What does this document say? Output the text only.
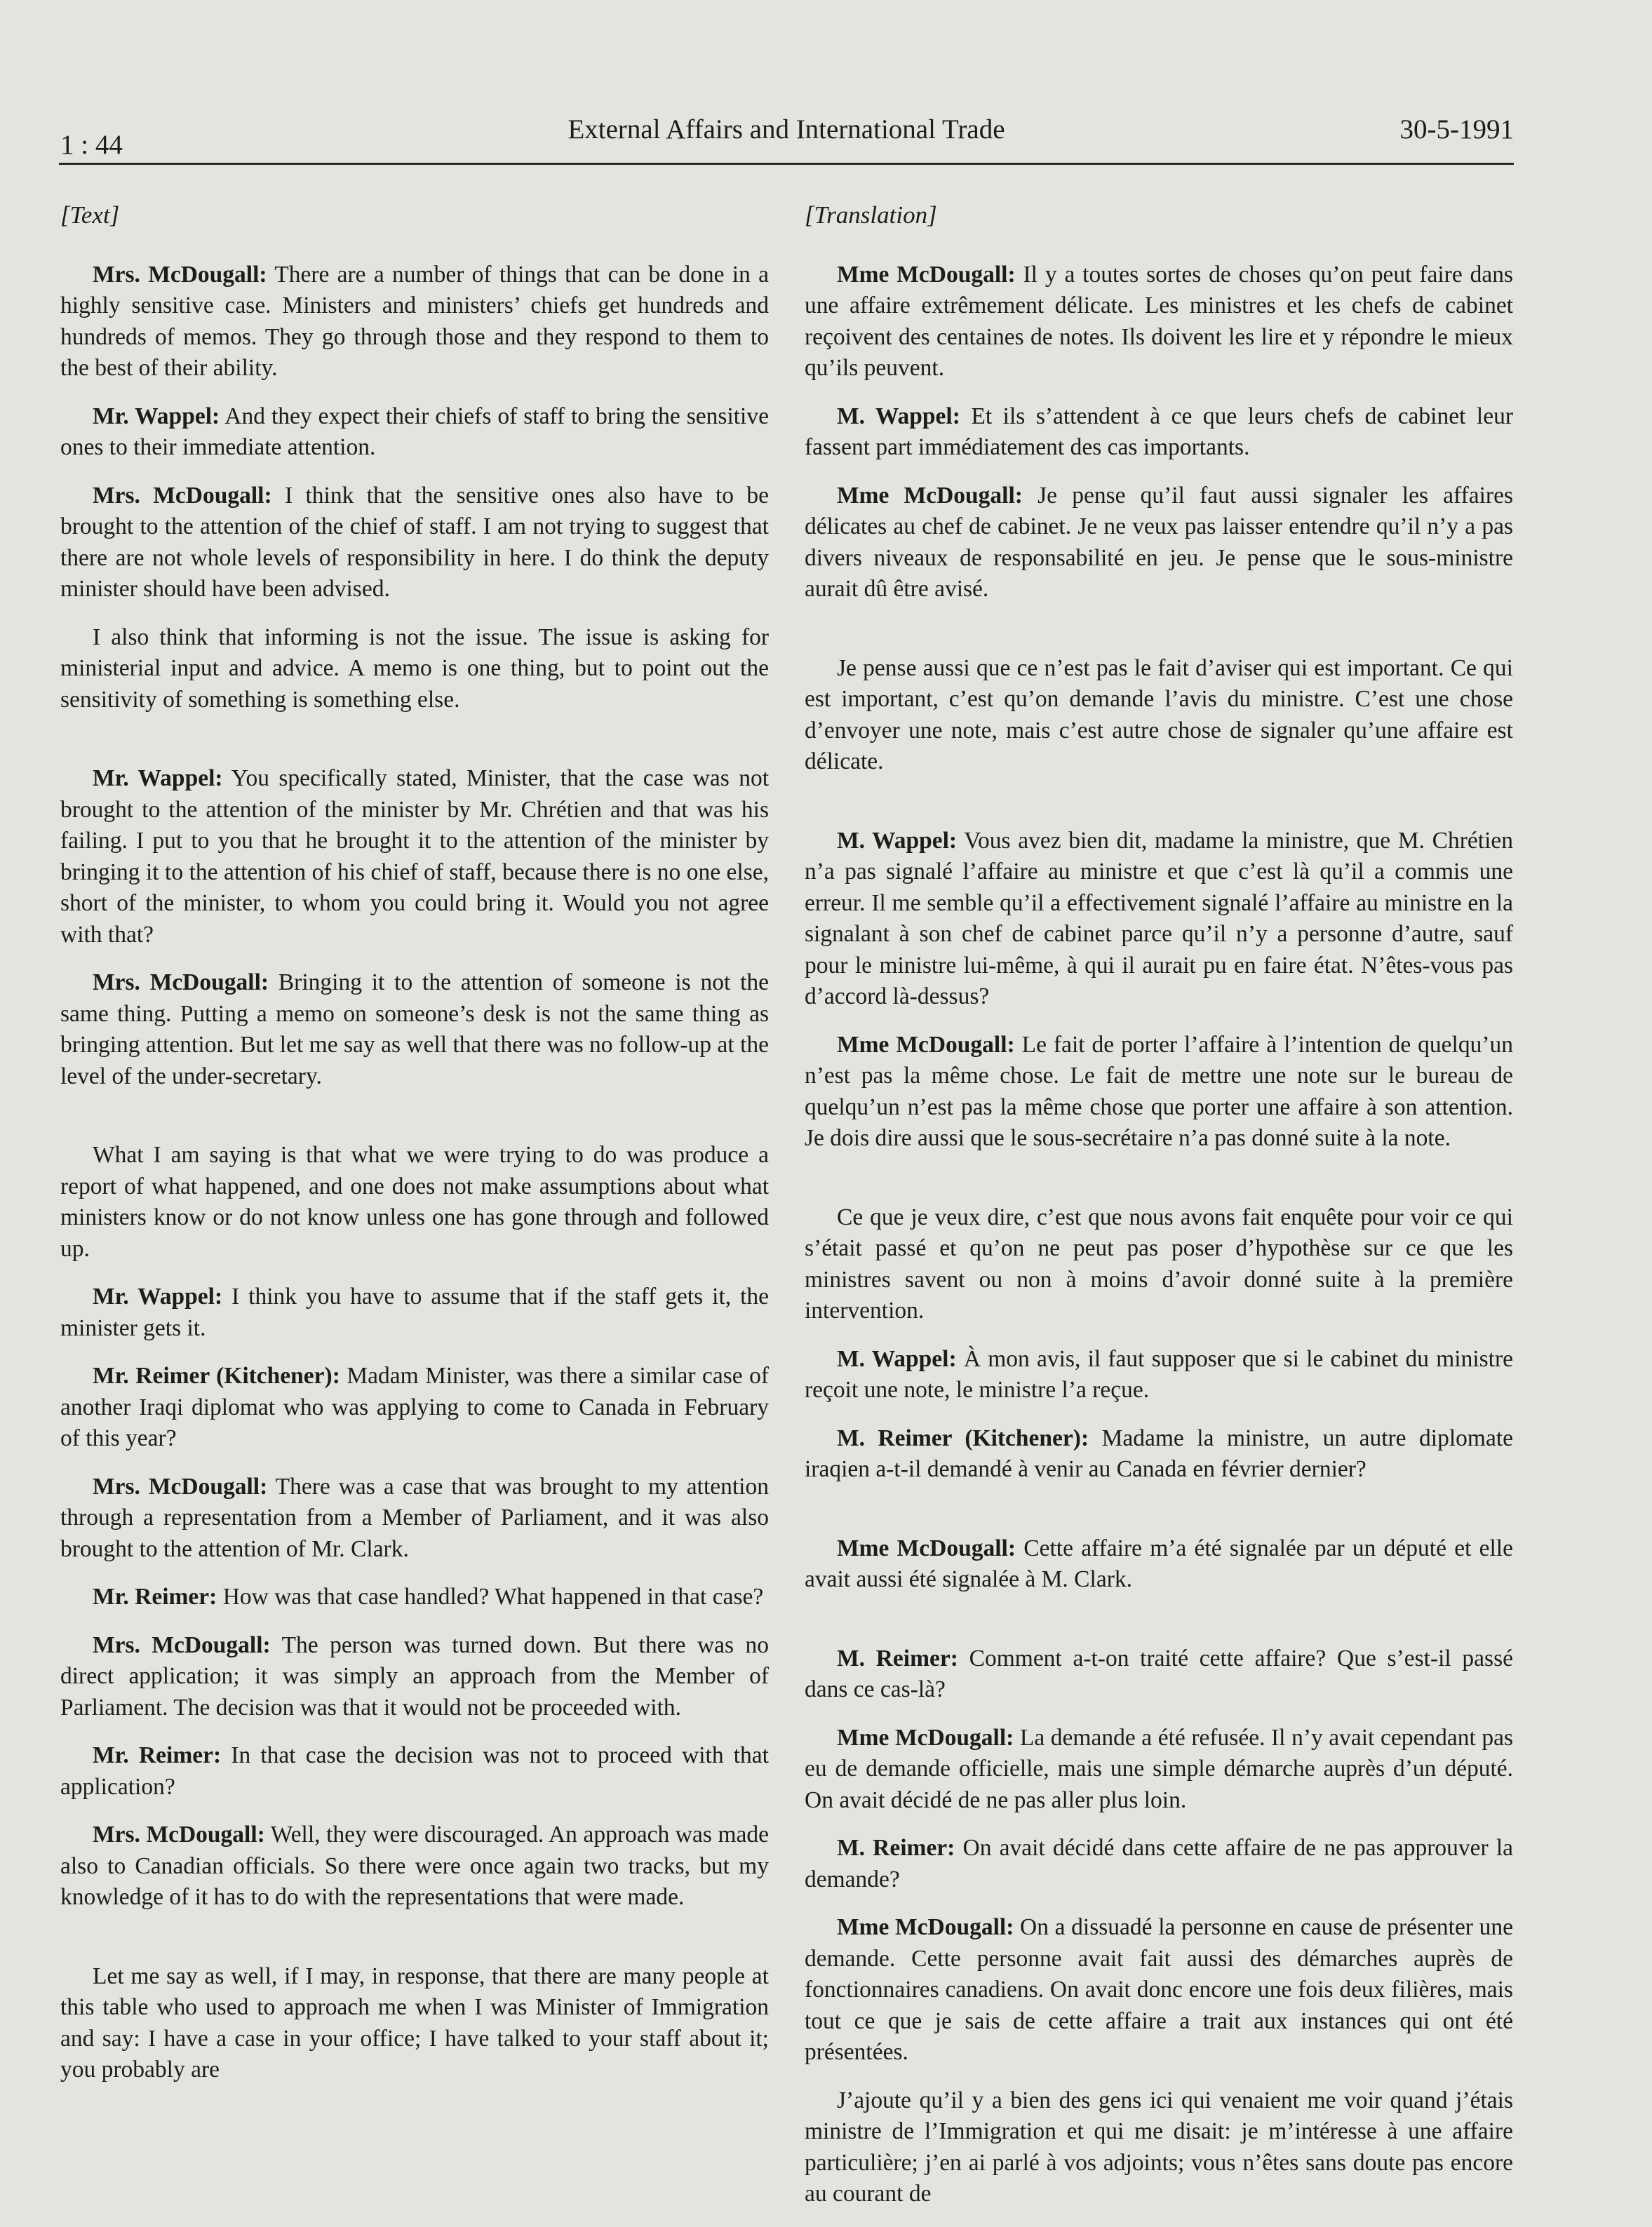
1 : 44
External Affairs and International Trade	30-5-1991
[Text]

Mrs. McDougall: There are a number of things that can be done in a highly sensitive case. Ministers and ministers’ chiefs get hundreds and hundreds of memos. They go through those and they respond to them to the best of their ability.

Mr. Wappel: And they expect their chiefs of staff to bring the sensitive ones to their immediate attention.

Mrs. McDougall: I think that the sensitive ones also have to be brought to the attention of the chief of staff. I am not trying to suggest that there are not whole levels of responsibility in here. I do think the deputy minister should have been advised.

I also think that informing is not the issue. The issue is asking for ministerial input and advice. A memo is one thing, but to point out the sensitivity of something is something else.

Mr. Wappel: You specifically stated, Minister, that the case was not brought to the attention of the minister by Mr. Chrétien and that was his failing. I put to you that he brought it to the attention of the minister by bringing it to the attention of his chief of staff, because there is no one else, short of the minister, to whom you could bring it. Would you not agree with that?

Mrs. McDougall: Bringing it to the attention of someone is not the same thing. Putting a memo on someone’s desk is not the same thing as bringing attention. But let me say as well that there was no follow-up at the level of the under-secretary.

What I am saying is that what we were trying to do was produce a report of what happened, and one does not make assumptions about what ministers know or do not know unless one has gone through and followed up.

Mr. Wappel: I think you have to assume that if the staff gets it, the minister gets it.

Mr. Reimer (Kitchener): Madam Minister, was there a similar case of another Iraqi diplomat who was applying to come to Canada in February of this year?

Mrs. McDougall: There was a case that was brought to my attention through a representation from a Member of Parliament, and it was also brought to the attention of Mr. Clark.

Mr. Reimer: How was that case handled? What happened in that case?

Mrs. McDougall: The person was turned down. But there was no direct application; it was simply an approach from the Member of Parliament. The decision was that it would not be proceeded with.

Mr. Reimer: In that case the decision was not to proceed with that application?

Mrs. McDougall: Well, they were discouraged. An approach was made also to Canadian officials. So there were once again two tracks, but my knowledge of it has to do with the representations that were made.

Let me say as well, if I may, in response, that there are many people at this table who used to approach me when I was Minister of Immigration and say: I have a case in your office; I have talked to your staff about it; you probably are

[Translation]

Mme McDougall: Il y a toutes sortes de choses qu’on peut faire dans une affaire extrêmement délicate. Les ministres et les chefs de cabinet reçoivent des centaines de notes. Ils doivent les lire et y répondre le mieux qu’ils peuvent.

M. Wappel: Et ils s’attendent à ce que leurs chefs de cabinet leur fassent part immédiatement des cas importants.

Mme McDougall: Je pense qu’il faut aussi signaler les affaires délicates au chef de cabinet. Je ne veux pas laisser entendre qu’il n’y a pas divers niveaux de responsabilité en jeu. Je pense que le sous-ministre aurait dû être avisé.

Je pense aussi que ce n’est pas le fait d’aviser qui est important. Ce qui est important, c’est qu’on demande l’avis du ministre. C’est une chose d’envoyer une note, mais c’est autre chose de signaler qu’une affaire est délicate.

M. Wappel: Vous avez bien dit, madame la ministre, que M. Chrétien n’a pas signalé l’affaire au ministre et que c’est là qu’il a commis une erreur. Il me semble qu’il a effectivement signalé l’affaire au ministre en la signalant à son chef de cabinet parce qu’il n’y a personne d’autre, sauf pour le ministre lui-même, à qui il aurait pu en faire état. N’êtes-vous pas d’accord là-dessus?

Mme McDougall: Le fait de porter l’affaire à l’intention de quelqu’un n’est pas la même chose. Le fait de mettre une note sur le bureau de quelqu’un n’est pas la même chose que porter une affaire à son attention. Je dois dire aussi que le sous-secrétaire n’a pas donné suite à la note.

Ce que je veux dire, c’est que nous avons fait enquête pour voir ce qui s’était passé et qu’on ne peut pas poser d’hypothèse sur ce que les ministres savent ou non à moins d’avoir donné suite à la première intervention.

M. Wappel: À mon avis, il faut supposer que si le cabinet du ministre reçoit une note, le ministre l’a reçue.

M. Reimer (Kitchener): Madame la ministre, un autre diplomate iraqien a-t-il demandé à venir au Canada en février dernier?

Mme McDougall: Cette affaire m’a été signalée par un député et elle avait aussi été signalée à M. Clark.

M. Reimer: Comment a-t-on traité cette affaire? Que s’est-il passé dans ce cas-là?

Mme McDougall: La demande a été refusée. Il n’y avait cependant pas eu de demande officielle, mais une simple démarche auprès d’un député. On avait décidé de ne pas aller plus loin.

M. Reimer: On avait décidé dans cette affaire de ne pas approuver la demande?

Mme McDougall: On a dissuadé la personne en cause de présenter une demande. Cette personne avait fait aussi des démarches auprès de fonctionnaires canadiens. On avait donc encore une fois deux filières, mais tout ce que je sais de cette affaire a trait aux instances qui ont été présentées.

J’ajoute qu’il y a bien des gens ici qui venaient me voir quand j’étais ministre de l’Immigration et qui me disait: je m’intéresse à une affaire particulière; j’en ai parlé à vos adjoints; vous n’êtes sans doute pas encore au courant de
